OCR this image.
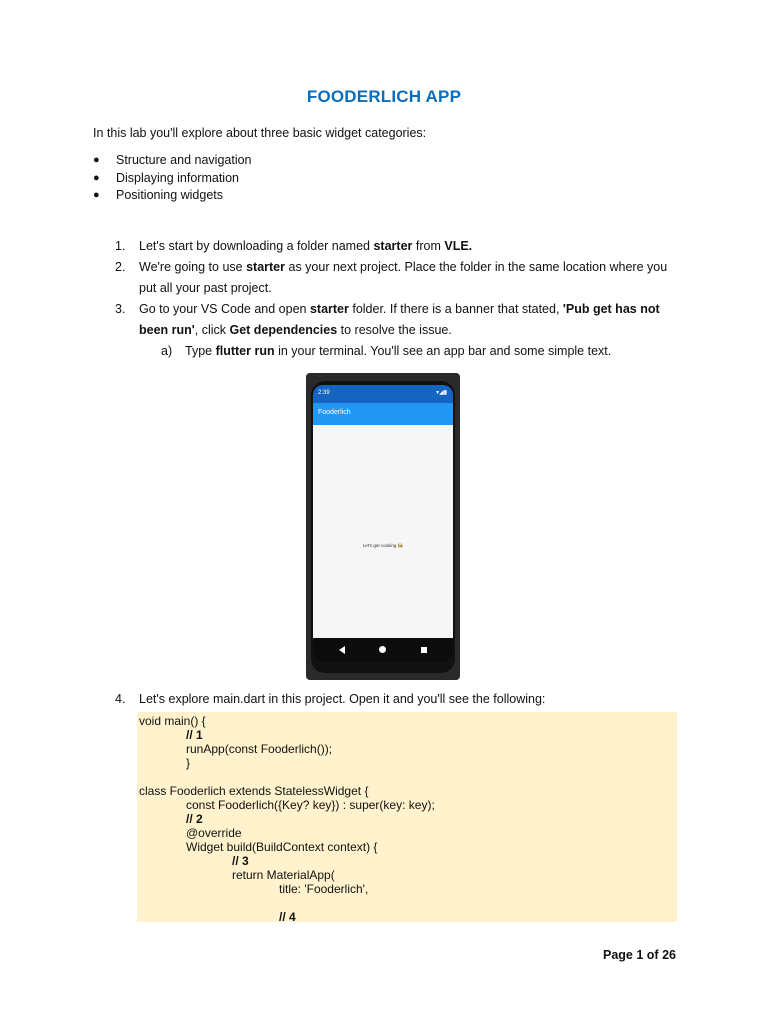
FOODERLICH APP
In this lab you'll explore about three basic widget categories:
● Structure and navigation
● Displaying information
● Positioning widgets
1. Let's start by downloading a folder named starter from VLE.
2. We're going to use starter as your next project. Place the folder in the same location where you put all your past project.
3. Go to your VS Code and open starter folder. If there is a banner that stated, 'Pub get has not been run', click Get dependencies to resolve the issue.
a) Type flutter run in your terminal. You'll see an app bar and some simple text.
2:39	▾◢▮
Fooderlich
Let's get cooking 👩‍🍳
4. Let's explore main.dart in this project. Open it and you'll see the following:
void main() {
// 1
runApp(const Fooderlich());
}
class Fooderlich extends StatelessWidget {
const Fooderlich({Key? key}) : super(key: key);
// 2
@override
Widget build(BuildContext context) {
// 3
return MaterialApp(
title: 'Fooderlich',
// 4
Page 1 of 26
